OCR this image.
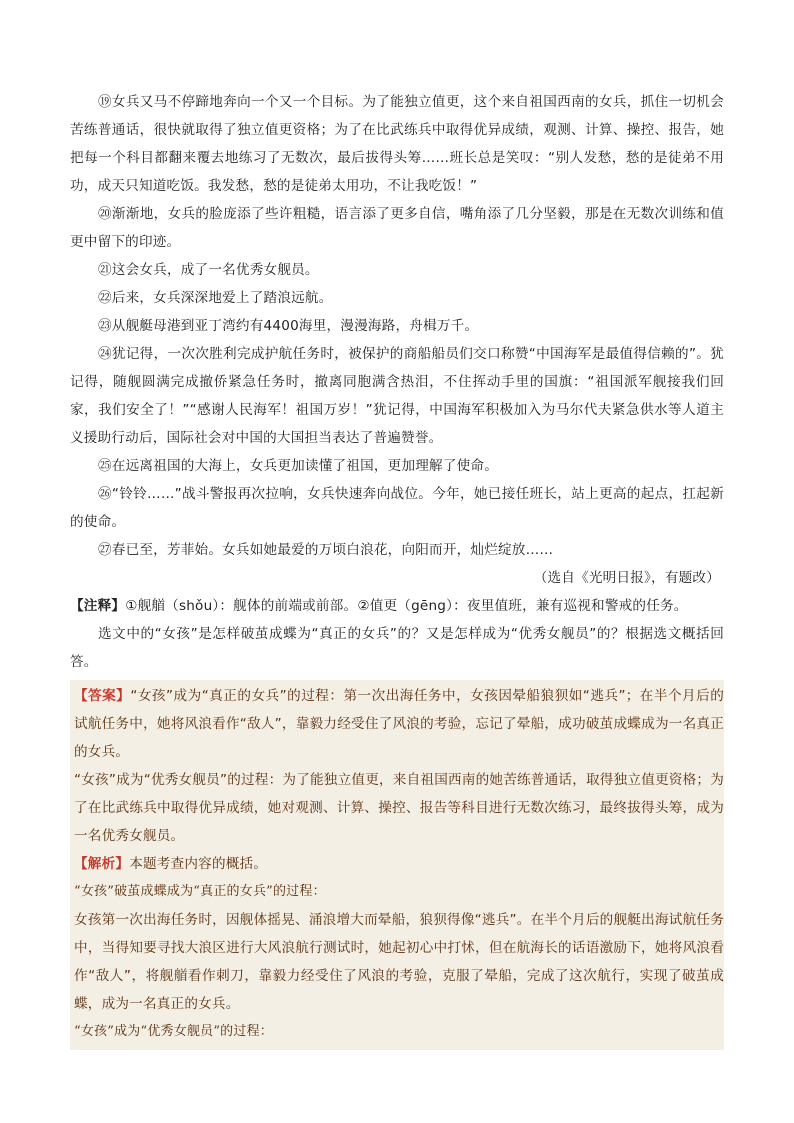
⑲女兵又马不停蹄地奔向一个又一个目标。为了能独立值更，这个来自祖国西南的女兵，抓住一切机会苦练普通话，很快就取得了独立值更资格；为了在比武练兵中取得优异成绩，观测、计算、操控、报告，她把每一个科目都翻来覆去地练习了无数次，最后拔得头筹……班长总是笑叹：“别人发愁，愁的是徒弟不用功，成天只知道吃饭。我发愁，愁的是徒弟太用功，不让我吃饭！”

⑳渐渐地，女兵的脸庞添了些许粗糙，语言添了更多自信，嘴角添了几分坚毅，那是在无数次训练和值更中留下的印迹。

㉑这会女兵，成了一名优秀女舰员。

㉒后来，女兵深深地爱上了踏浪远航。

㉓从舰艇母港到亚丁湾约有4400海里，漫漫海路，舟楫万千。

㉔犹记得，一次次胜利完成护航任务时，被保护的商船船员们交口称赞“中国海军是最值得信赖的”。犹记得，随舰圆满完成撤侨紧急任务时，撤离同胞满含热泪，不住挥动手里的国旗：“祖国派军舰接我们回家，我们安全了！”“感谢人民海军！祖国万岁！”犹记得，中国海军积极加入为马尔代夫紧急供水等人道主义援助行动后，国际社会对中国的大国担当表达了普遍赞誉。

㉕在远离祖国的大海上，女兵更加读懂了祖国，更加理解了使命。

㉖“铃铃……”战斗警报再次拉响，女兵快速奔向战位。今年，她已接任班长，站上更高的起点，扛起新的使命。

㉗春已至，芳菲始。女兵如她最爱的万顷白浪花，向阳而开，灿烂绽放……

（选自《光明日报》，有题改）

【注释】①舰艏（shǒu）：舰体的前端或前部。②值更（gēng）：夜里值班，兼有巡视和警戒的任务。

选文中的“女孩”是怎样破茧成蝶为“真正的女兵”的？又是怎样成为“优秀女舰员”的？根据选文概括回答。

【答案】“女孩”成为“真正的女兵”的过程：第一次出海任务中，女孩因晕船狼狈如“逃兵”；在半个月后的试航任务中，她将风浪看作“敌人”，靠毅力经受住了风浪的考验，忘记了晕船，成功破茧成蝶成为一名真正的女兵。

“女孩”成为“优秀女舰员”的过程：为了能独立值更，来自祖国西南的她苦练普通话，取得独立值更资格；为了在比武练兵中取得优异成绩，她对观测、计算、操控、报告等科目进行无数次练习，最终拔得头筹，成为一名优秀女舰员。

【解析】本题考查内容的概括。

“女孩”破茧成蝶成为“真正的女兵”的过程：

女孩第一次出海任务时，因舰体摇晃、涌浪增大而晕船，狼狈得像“逃兵”。在半个月后的舰艇出海试航任务中，当得知要寻找大浪区进行大风浪航行测试时，她起初心中打怵，但在航海长的话语激励下，她将风浪看作“敌人”，将舰艏看作刺刀，靠毅力经受住了风浪的考验，克服了晕船，完成了这次航行，实现了破茧成蝶，成为一名真正的女兵。

“女孩”成为“优秀女舰员”的过程：
